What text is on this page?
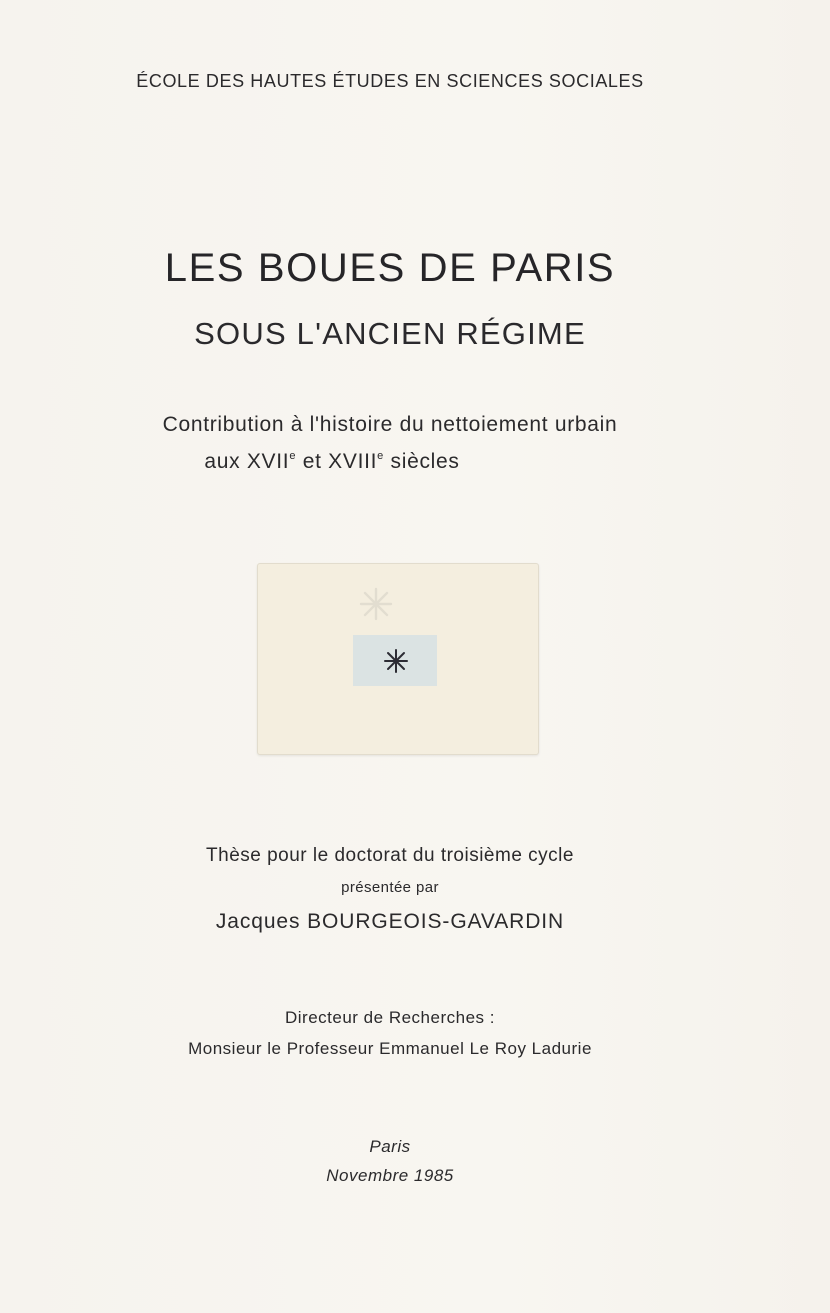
ÉCOLE DES HAUTES ÉTUDES EN SCIENCES SOCIALES
LES BOUES DE PARIS
SOUS L'ANCIEN RÉGIME
Contribution à l'histoire du nettoiement urbain
aux XVIIe et XVIIIe siècles
Thèse pour le doctorat du troisième cycle
présentée par
Jacques BOURGEOIS-GAVARDIN
Directeur de Recherches :
Monsieur le Professeur Emmanuel Le Roy Ladurie
Paris
Novembre 1985
